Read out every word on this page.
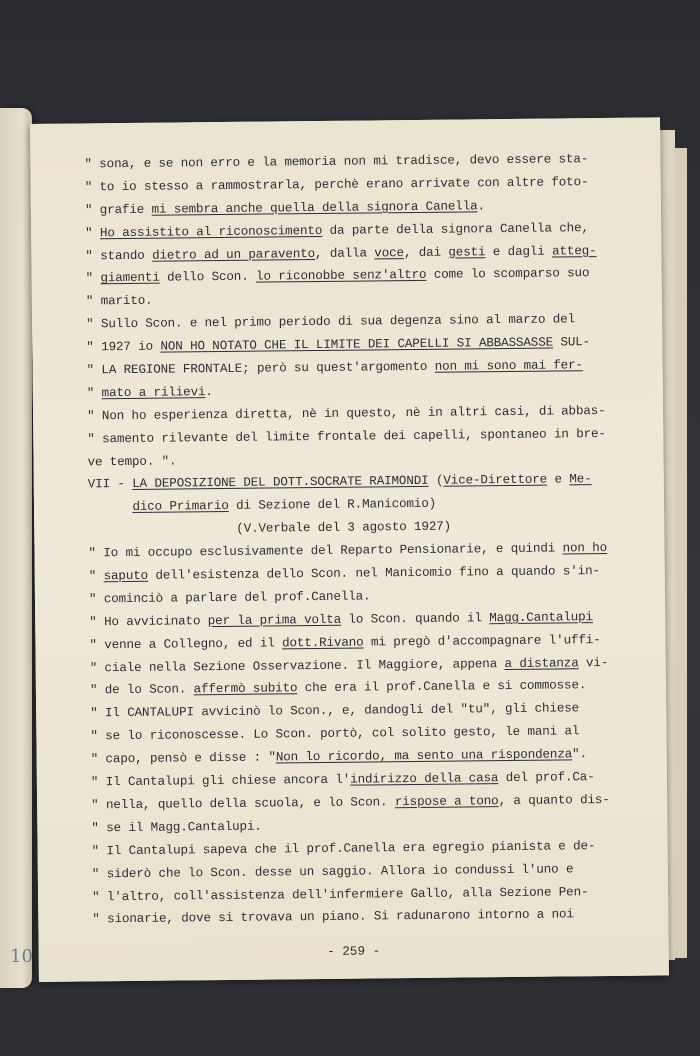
10
" sona, e se non erro e la memoria non mi tradisce, devo essere sta-
" to io stesso a rammostrarla, perchè erano arrivate con altre foto-
" grafie mi sembra anche quella della signora Canella.
" Ho assistito al riconoscimento da parte della signora Canella che,
" stando dietro ad un paravento, dalla voce, dai gesti e dagli atteg-
" giamenti dello Scon. lo riconobbe senz'altro come lo scomparso suo
" marito.
" Sullo Scon. e nel primo periodo di sua degenza sino al marzo del
" 1927 io NON HO NOTATO CHE IL LIMITE DEI CAPELLI SI ABBASSASSE SUL-
" LA REGIONE FRONTALE; però su quest'argomento non mi sono mai fer-
" mato a rilievi.
" Non ho esperienza diretta, nè in questo, nè in altri casi, di abbas-
" samento rilevante del limite frontale dei capelli, spontaneo in bre-
ve tempo. ".
VII - LA DEPOSIZIONE DEL DOTT.SOCRATE RAIMONDI (Vice-Direttore e Me-
dico Primario di Sezione del R.Manicomio)
(V.Verbale del 3 agosto 1927)
" Io mi occupo esclusivamente del Reparto Pensionarie, e quindi non ho
" saputo dell'esistenza dello Scon. nel Manicomio fino a quando s'in-
" cominciò a parlare del prof.Canella.
" Ho avvicinato per la prima volta lo Scon. quando il Magg.Cantalupi
" venne a Collegno, ed il dott.Rivano mi pregò d'accompagnare l'uffi-
" ciale nella Sezione Osservazione. Il Maggiore, appena a distanza vi-
" de lo Scon. affermò subito che era il prof.Canella e si commosse.
" Il CANTALUPI avvicinò lo Scon., e, dandogli del "tu", gli chiese
" se lo riconoscesse. Lo Scon. portò, col solito gesto, le mani al
" capo, pensò e disse : "Non lo ricordo, ma sento una rispondenza".
" Il Cantalupi gli chiese ancora l'indirizzo della casa del prof.Ca-
" nella, quello della scuola, e lo Scon. rispose a tono, a quanto dis-
" se il Magg.Cantalupi.
" Il Cantalupi sapeva che il prof.Canella era egregio pianista e de-
" siderò che lo Scon. desse un saggio. Allora io condussi l'uno e
" l'altro, coll'assistenza dell'infermiere Gallo, alla Sezione Pen-
" sionarie, dove si trovava un piano. Si radunarono intorno a noi
- 259 -
